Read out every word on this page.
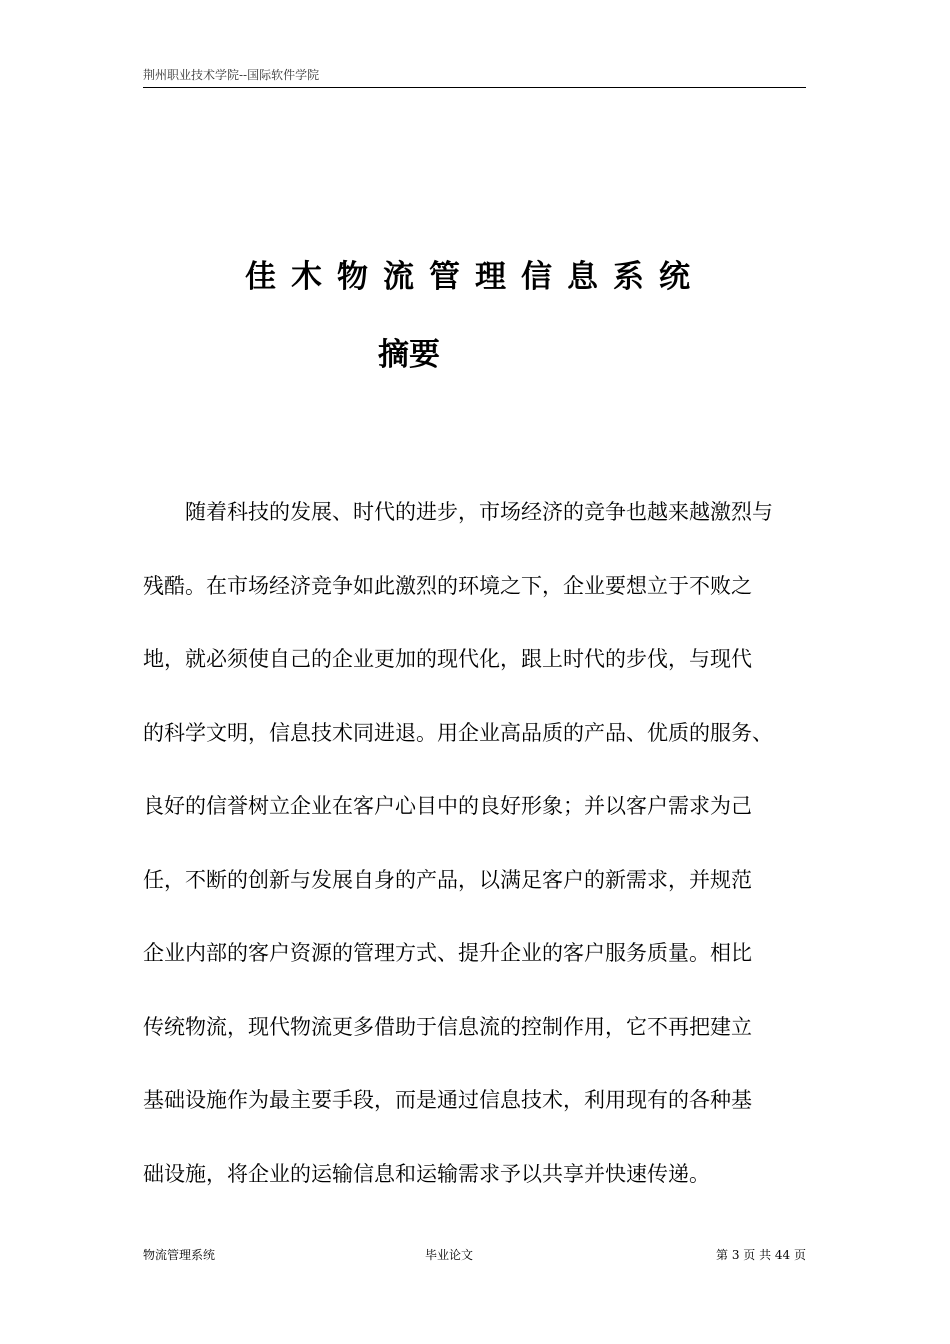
荆州职业技术学院--国际软件学院
佳木物流管理信息系统
摘要
随着科技的发展、时代的进步，市场经济的竞争也越来越激烈与
残酷。在市场经济竞争如此激烈的环境之下，企业要想立于不败之
地，就必须使自己的企业更加的现代化，跟上时代的步伐，与现代
的科学文明，信息技术同进退。用企业高品质的产品、优质的服务、
良好的信誉树立企业在客户心目中的良好形象；并以客户需求为己
任，不断的创新与发展自身的产品，以满足客户的新需求，并规范
企业内部的客户资源的管理方式、提升企业的客户服务质量。相比
传统物流，现代物流更多借助于信息流的控制作用，它不再把建立
基础设施作为最主要手段，而是通过信息技术，利用现有的各种基
础设施，将企业的运输信息和运输需求予以共享并快速传递。
物流管理系统	毕业论文	第 3 页 共 44 页
